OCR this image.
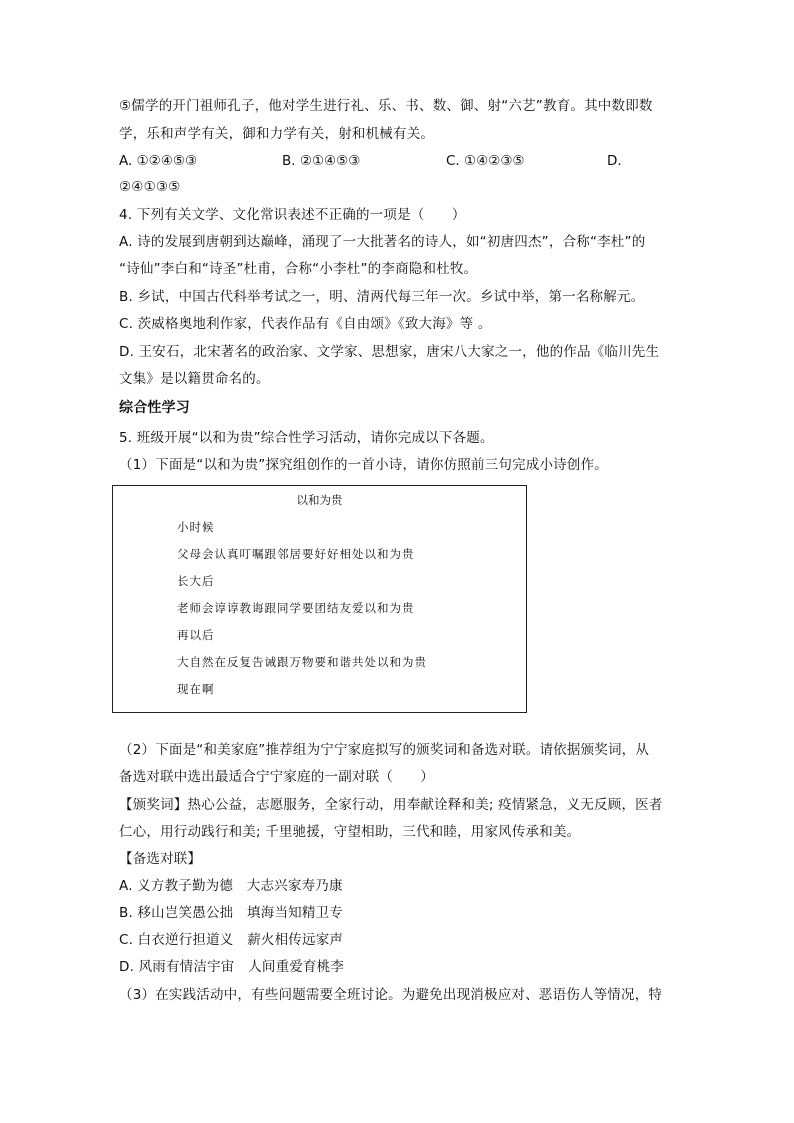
⑤儒学的开门祖师孔子，他对学生进行礼、乐、书、数、御、射“六艺”教育。其中数即数
学，乐和声学有关，御和力学有关，射和机械有关。
A. ①②④⑤③	B. ②①④⑤③	C. ①④②③⑤	D.
②④①③⑤
4. 下列有关文学、文化常识表述不正确的一项是（　　）
A. 诗的发展到唐朝到达巅峰，涌现了一大批著名的诗人，如“初唐四杰”，合称“李杜”的
“诗仙”李白和“诗圣”杜甫，合称“小李杜”的李商隐和杜牧。
B. 乡试，中国古代科举考试之一，明、清两代每三年一次。乡试中举，第一名称解元。
C. 茨威格奥地利作家，代表作品有《自由颂》《致大海》等 。
D. 王安石，北宋著名的政治家、文学家、思想家，唐宋八大家之一，他的作品《临川先生
文集》是以籍贯命名的。
综合性学习
5. 班级开展“以和为贵”综合性学习活动，请你完成以下各题。
（1）下面是“以和为贵”探究组创作的一首小诗，请你仿照前三句完成小诗创作。
以和为贵
小时候
父母会认真叮嘱跟邻居要好好相处以和为贵
长大后
老师会谆谆教诲跟同学要团结友爱以和为贵
再以后
大自然在反复告诫跟万物要和谐共处以和为贵
现在啊
（2）下面是“和美家庭”推荐组为宁宁家庭拟写的颁奖词和备选对联。请依据颁奖词，从
备选对联中选出最适合宁宁家庭的一副对联（　　）
【颁奖词】热心公益，志愿服务，全家行动，用奉献诠释和美; 疫情紧急，义无反顾，医者
仁心，用行动践行和美; 千里驰援，守望相助，三代和睦，用家风传承和美。
【备选对联】
A. 义方教子勤为德　大志兴家寿乃康
B. 移山岂笑愚公拙　填海当知精卫专
C. 白衣逆行担道义　薪火相传远家声
D. 风雨有情洁宇宙　人间重爱育桃李
（3）在实践活动中，有些问题需要全班讨论。为避免出现消极应对、恶语伤人等情况，特
